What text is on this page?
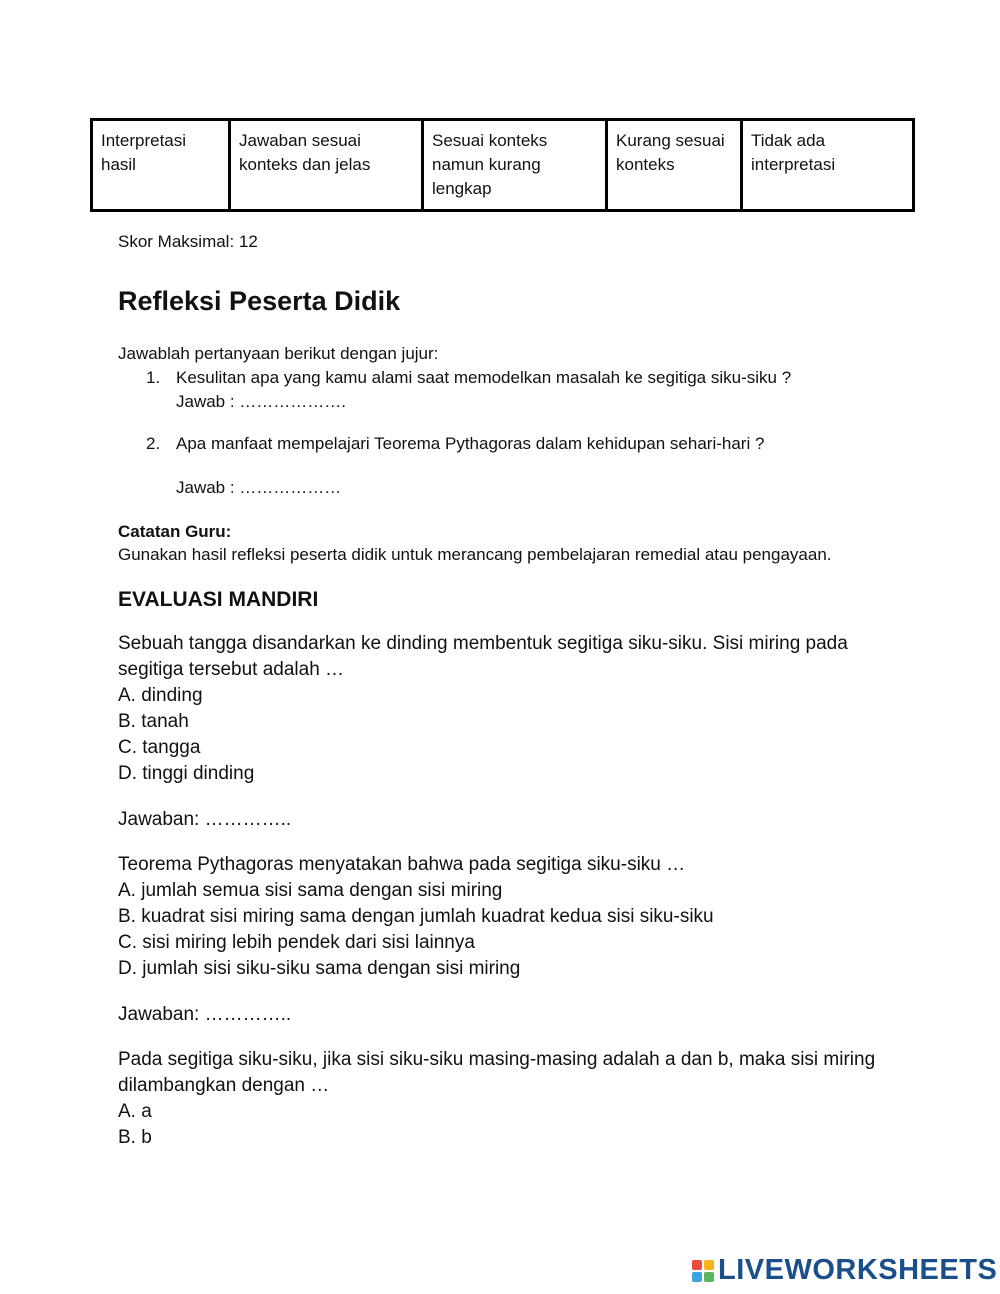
Interpretasi hasil	Jawaban sesuai konteks dan jelas	Sesuai konteks namun kurang lengkap	Kurang sesuai konteks	Tidak ada interpretasi
Skor Maksimal: 12
Refleksi Peserta Didik
Jawablah pertanyaan berikut dengan jujur:
1. Kesulitan apa yang kamu alami saat memodelkan masalah ke segitiga siku-siku ?
Jawab : ……………….
2. Apa manfaat mempelajari Teorema Pythagoras dalam kehidupan sehari-hari ?
Jawab : ………………
Catatan Guru:
Gunakan hasil refleksi peserta didik untuk merancang pembelajaran remedial atau pengayaan.
EVALUASI MANDIRI
Sebuah tangga disandarkan ke dinding membentuk segitiga siku-siku. Sisi miring pada segitiga tersebut adalah …
A. dinding
B. tanah
C. tangga
D. tinggi dinding
Jawaban: …………..
Teorema Pythagoras menyatakan bahwa pada segitiga siku-siku …
A. jumlah semua sisi sama dengan sisi miring
B. kuadrat sisi miring sama dengan jumlah kuadrat kedua sisi siku-siku
C. sisi miring lebih pendek dari sisi lainnya
D. jumlah sisi siku-siku sama dengan sisi miring
Jawaban: …………..
Pada segitiga siku-siku, jika sisi siku-siku masing-masing adalah a dan b, maka sisi miring dilambangkan dengan …
A. a
B. b
LIVEWORKSHEETS
